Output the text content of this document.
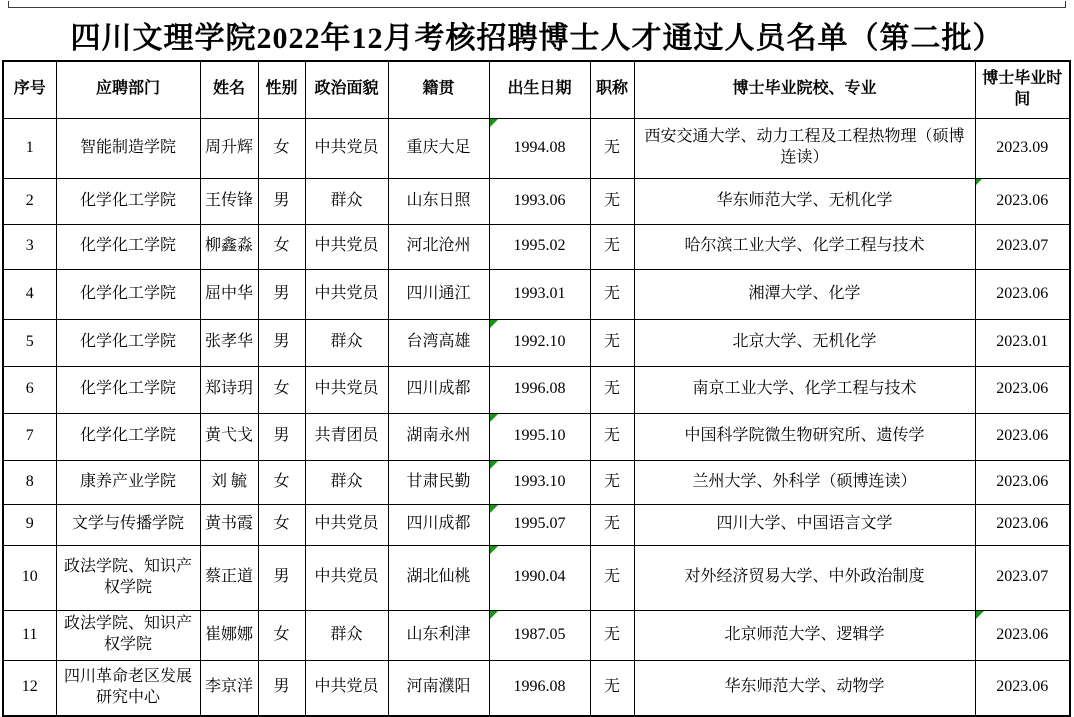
四川文理学院2022年12月考核招聘博士人才通过人员名单（第二批）
序号	应聘部门	姓名	性别	政治面貌	籍贯	出生日期	职称	博士毕业院校、专业	博士毕业时间
1	智能制造学院	周升辉	女	中共党员	重庆大足	1994.08	无	西安交通大学、动力工程及工程热物理（硕博连读）	2023.09
2	化学化工学院	王传锋	男	群众	山东日照	1993.06	无	华东师范大学、无机化学	2023.06
3	化学化工学院	柳鑫淼	女	中共党员	河北沧州	1995.02	无	哈尔滨工业大学、化学工程与技术	2023.07
4	化学化工学院	屈中华	男	中共党员	四川通江	1993.01	无	湘潭大学、化学	2023.06
5	化学化工学院	张孝华	男	群众	台湾高雄	1992.10	无	北京大学、无机化学	2023.01
6	化学化工学院	郑诗玥	女	中共党员	四川成都	1996.08	无	南京工业大学、化学工程与技术	2023.06
7	化学化工学院	黄弋戈	男	共青团员	湖南永州	1995.10	无	中国科学院微生物研究所、遗传学	2023.06
8	康养产业学院	刘 毓	女	群众	甘肃民勤	1993.10	无	兰州大学、外科学（硕博连读）	2023.06
9	文学与传播学院	黄书霞	女	中共党员	四川成都	1995.07	无	四川大学、中国语言文学	2023.06
10	政法学院、知识产权学院	蔡正道	男	中共党员	湖北仙桃	1990.04	无	对外经济贸易大学、中外政治制度	2023.07
11	政法学院、知识产权学院	崔娜娜	女	群众	山东利津	1987.05	无	北京师范大学、逻辑学	2023.06
12	四川革命老区发展研究中心	李京洋	男	中共党员	河南濮阳	1996.08	无	华东师范大学、动物学	2023.06
